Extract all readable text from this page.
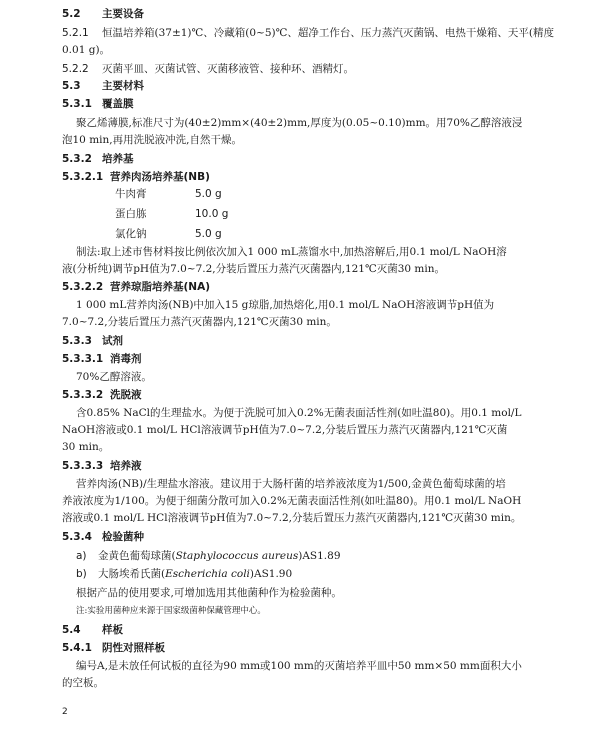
5.2 主要设备
5.2.1 恒温培养箱(37±1)℃、冷藏箱(0~5)℃、超净工作台、压力蒸汽灭菌锅、电热干燥箱、天平(精度
0.01 g)。
5.2.2 灭菌平皿、灭菌试管、灭菌移液管、接种环、酒精灯。
5.3 主要材料
5.3.1 覆盖膜
聚乙烯薄膜,标准尺寸为(40±2)mm×(40±2)mm,厚度为(0.05~0.10)mm。用70%乙醇溶液浸
泡10 min,再用洗脱液冲洗,自然干燥。
5.3.2 培养基
5.3.2.1 营养肉汤培养基(NB)
牛肉膏	5.0 g
蛋白胨	10.0 g
氯化钠	5.0 g
制法:取上述市售材料按比例依次加入1 000 mL蒸馏水中,加热溶解后,用0.1 mol/L NaOH溶
液(分析纯)调节pH值为7.0~7.2,分装后置压力蒸汽灭菌器内,121℃灭菌30 min。
5.3.2.2 营养琼脂培养基(NA)
1 000 mL营养肉汤(NB)中加入15 g琼脂,加热熔化,用0.1 mol/L NaOH溶液调节pH值为
7.0~7.2,分装后置压力蒸汽灭菌器内,121℃灭菌30 min。
5.3.3 试剂
5.3.3.1 消毒剂
70%乙醇溶液。
5.3.3.2 洗脱液
含0.85% NaCl的生理盐水。为便于洗脱可加入0.2%无菌表面活性剂(如吐温80)。用0.1 mol/L
NaOH溶液或0.1 mol/L HCl溶液调节pH值为7.0~7.2,分装后置压力蒸汽灭菌器内,121℃灭菌
30 min。
5.3.3.3 培养液
营养肉汤(NB)/生理盐水溶液。建议用于大肠杆菌的培养液浓度为1/500,金黄色葡萄球菌的培
养液浓度为1/100。为便于细菌分散可加入0.2%无菌表面活性剂(如吐温80)。用0.1 mol/L NaOH
溶液或0.1 mol/L HCl溶液调节pH值为7.0~7.2,分装后置压力蒸汽灭菌器内,121℃灭菌30 min。
5.3.4 检验菌种
a) 金黄色葡萄球菌(Staphylococcus aureus)AS1.89
b) 大肠埃希氏菌(Escherichia coli)AS1.90
根据产品的使用要求,可增加选用其他菌种作为检验菌种。
注:实验用菌种应来源于国家级菌种保藏管理中心。
5.4 样板
5.4.1 阴性对照样板
编号A,是未放任何试板的直径为90 mm或100 mm的灭菌培养平皿中50 mm×50 mm面积大小
的空板。
2
